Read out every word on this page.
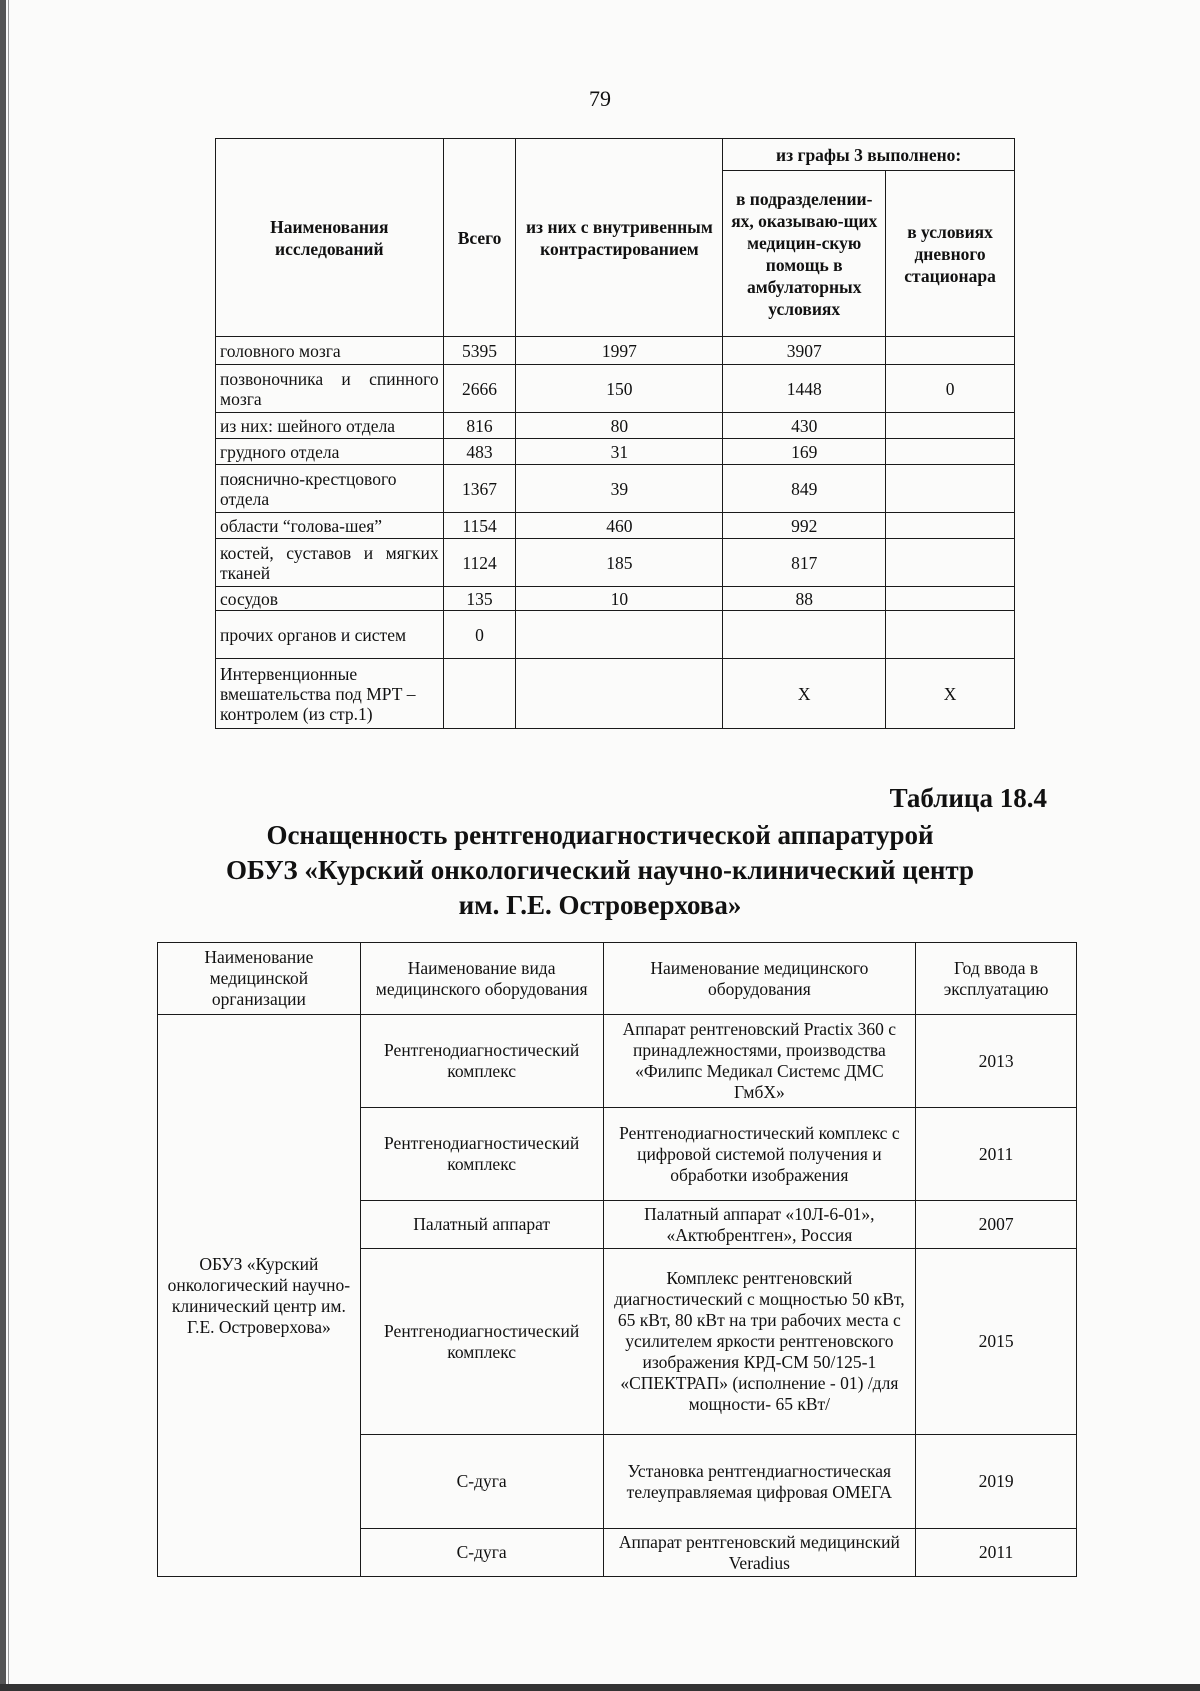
79
Наименования исследований	Всего	из них с внутривенным контрастированием	из графы 3 выполнено:	
			в подразделении-ях, оказываю-щих медицин-скую помощь в амбулаторных условиях	в условиях дневного стационара
головного мозга	5395	1997	3907	
позвоночника и спинного мозга	2666	150	1448	0
из них: шейного отдела	816	80	430	
грудного отдела	483	31	169	
пояснично-крестцового отдела	1367	39	849	
области “голова-шея”	1154	460	992	
костей, суставов и мягких тканей	1124	185	817	
сосудов	135	10	88	
прочих органов и систем	0			
Интервенционные вмешательства под МРТ – контролем (из стр.1)			Х	Х
Таблица 18.4
Оснащенность рентгенодиагностической аппаратурой
ОБУЗ «Курский онкологический научно-клинический центр
им. Г.Е. Островерхова»
Наименование медицинской организации	Наименование вида медицинского оборудования	Наименование медицинского оборудования	Год ввода в эксплуатацию
ОБУЗ «Курский онкологический научно-клинический центр им. Г.Е. Островерхова»	Рентгенодиагностический комплекс	Аппарат рентгеновский Practix 360 с принадлежностями, производства «Филипс Медикал Системс ДМС ГмбХ»	2013
	Рентгенодиагностический комплекс	Рентгенодиагностический комплекс с цифровой системой получения и обработки изображения	2011
	Палатный аппарат	Палатный аппарат «10Л-6-01», «Актюбрентген», Россия	2007
	Рентгенодиагностический комплекс	Комплекс рентгеновский диагностический с мощностью 50 кВт, 65 кВт, 80 кВт на три рабочих места с усилителем яркости рентгеновского изображения КРД-СМ 50/125-1 «СПЕКТРАП» (исполнение - 01) /для мощности- 65 кВт/	2015
	С-дуга	Установка рентгендиагностическая телеуправляемая цифровая ОМЕГА	2019
	С-дуга	Аппарат рентгеновский медицинский Veradius	2011
